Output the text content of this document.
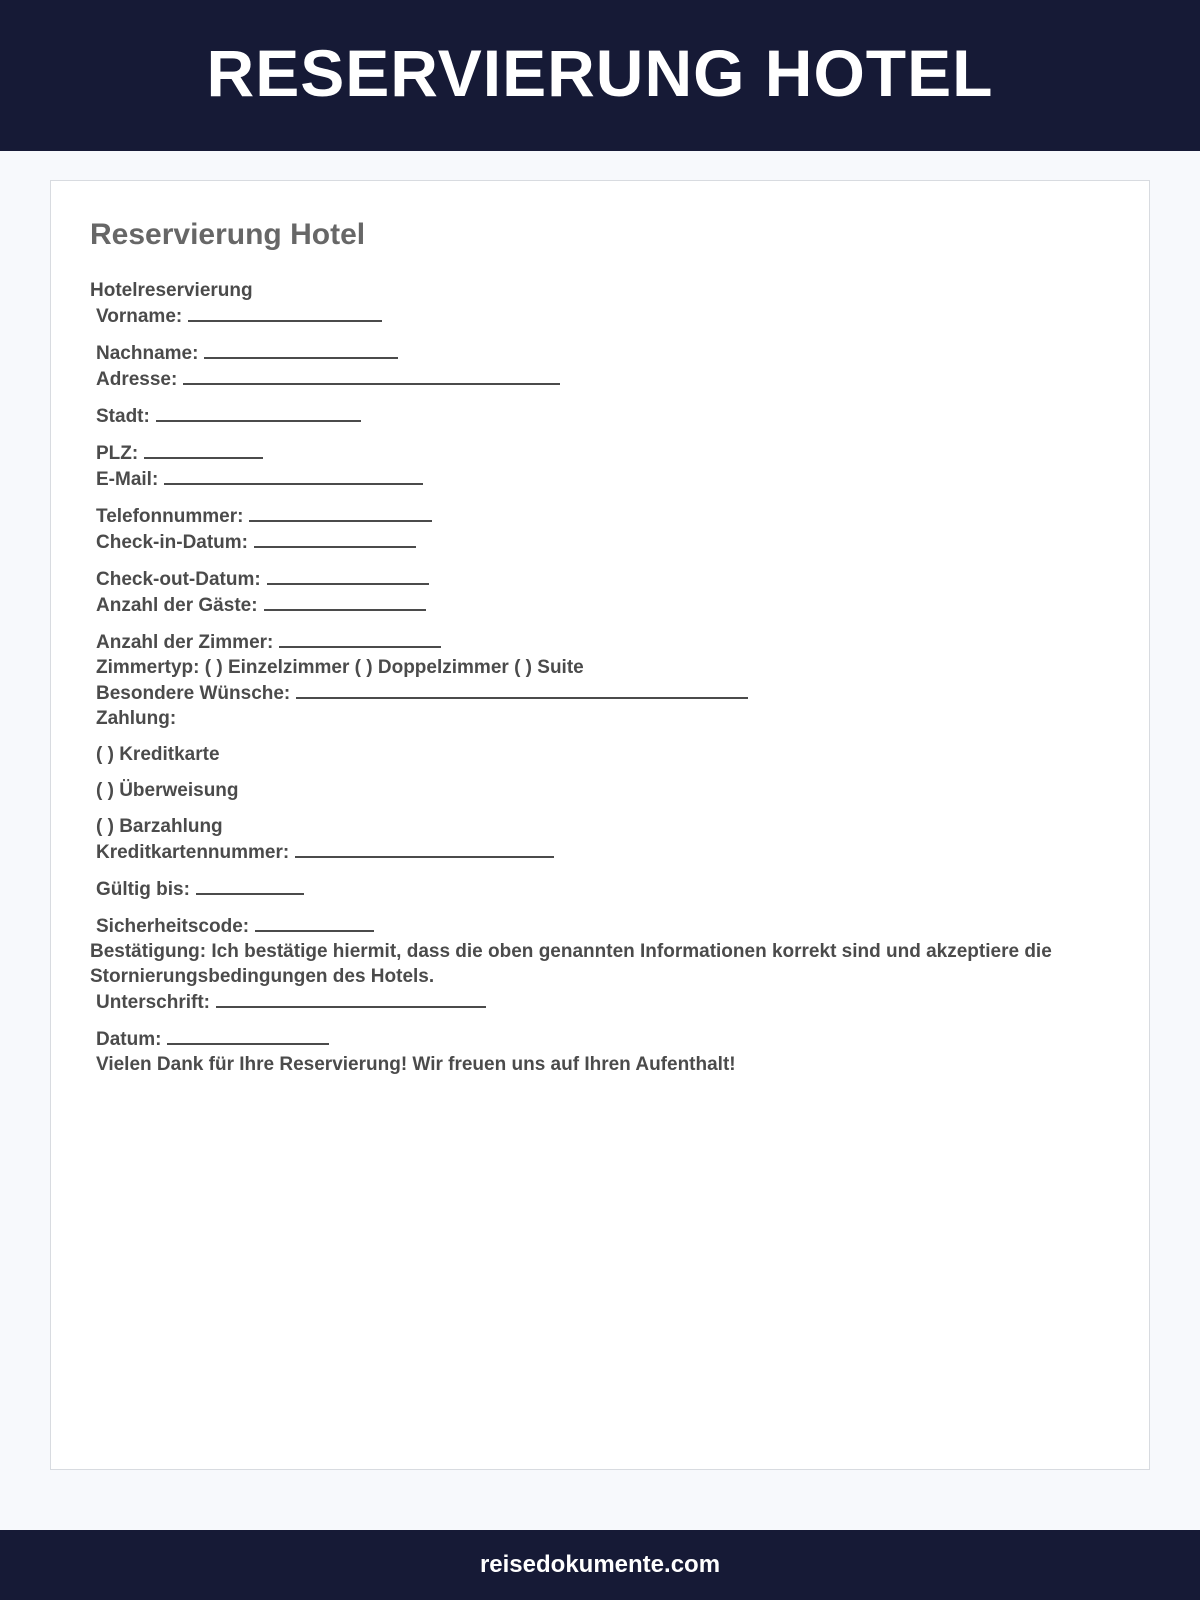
RESERVIERUNG HOTEL
Reservierung Hotel

Hotelreservierung

Vorname:

Nachname:

Adresse:

Stadt:

PLZ:

E-Mail:

Telefonnummer:

Check-in-Datum:

Check-out-Datum:

Anzahl der Gäste:

Anzahl der Zimmer:

Zimmertyp: ( ) Einzelzimmer ( ) Doppelzimmer ( ) Suite

Besondere Wünsche:

Zahlung:

( ) Kreditkarte

( ) Überweisung

( ) Barzahlung

Kreditkartennummer:

Gültig bis:

Sicherheitscode:

Bestätigung: Ich bestätige hiermit, dass die oben genannten Informationen korrekt sind und akzeptiere die Stornierungsbedingungen des Hotels.

Unterschrift:

Datum:

Vielen Dank für Ihre Reservierung! Wir freuen uns auf Ihren Aufenthalt!

reisedokumente.com
